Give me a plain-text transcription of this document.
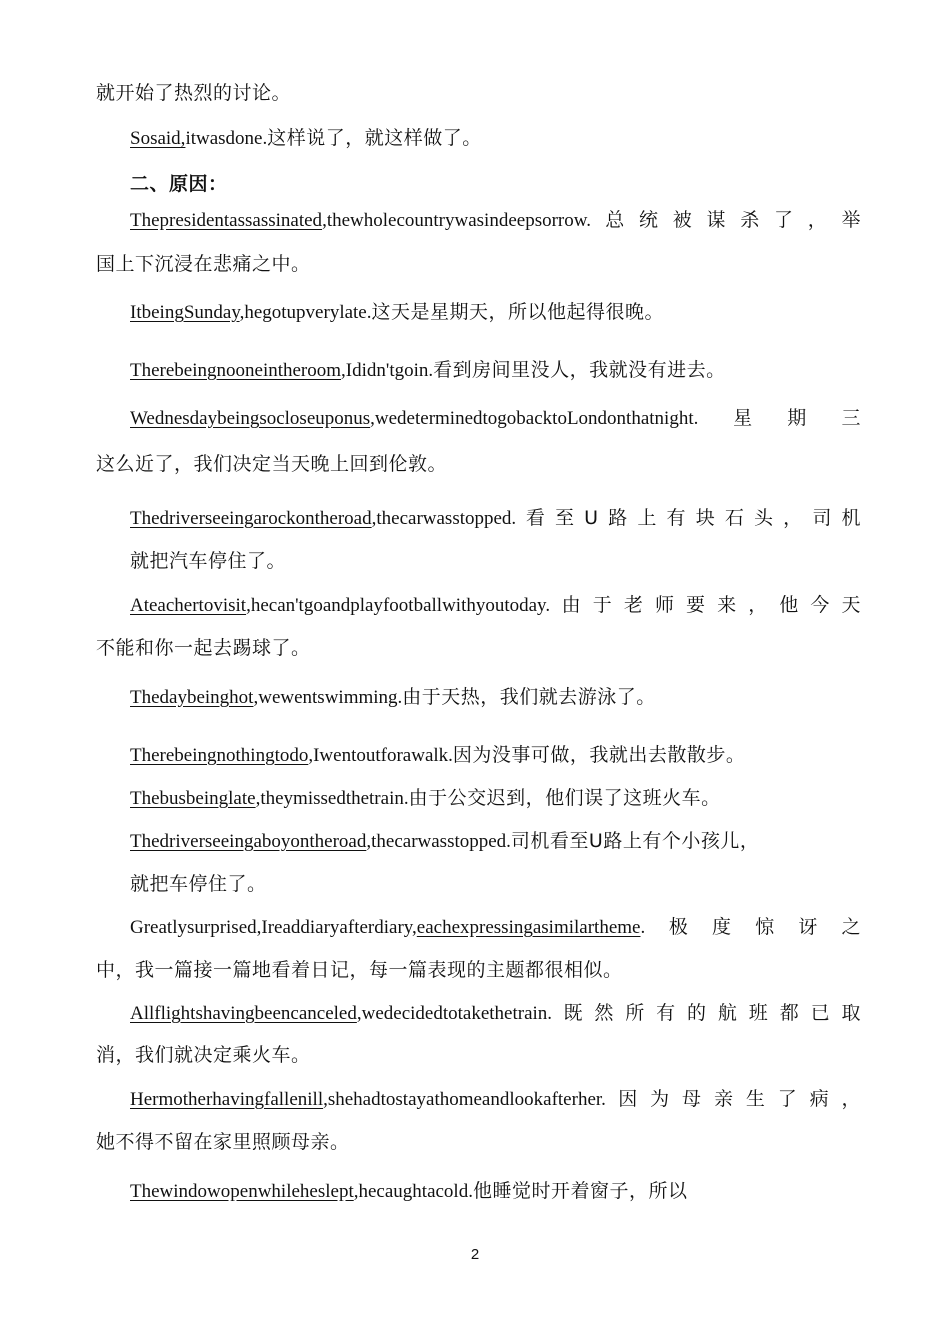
就开始了热烈的讨论。
Sosaid,itwasdone.这样说了，就这样做了。
二、原因：
Thepresidentassassinated,thewholecountrywasindeepsorrow.总统被谋杀了，举
国上下沉浸在悲痛之中。
ItbeingSunday,hegotupverylate.这天是星期天，所以他起得很晚。
Therebeingnooneintheroom,Ididn'tgoin.看到房间里没人，我就没有进去。
Wednesdaybeingsocloseuponus,wedeterminedtogobacktoLondonthatnight.星期三
这么近了，我们决定当天晚上回到伦敦。
Thedriverseeingarockontheroad,thecarwasstopped.看至U路上有块石头，司机
就把汽车停住了。
Ateachertovisit,hecan'tgoandplayfootballwithyoutoday.由于老师要来，他今天
不能和你一起去踢球了。
Thedaybeinghot,wewentswimming.由于天热，我们就去游泳了。
Therebeingnothingtodo,Iwentoutforawalk.因为没事可做，我就出去散散步。
Thebusbeinglate,theymissedthetrain.由于公交迟到，他们误了这班火车。
Thedriverseeingaboyontheroad,thecarwasstopped.司机看至U路上有个小孩儿，
就把车停住了。
Greatlysurprised,Ireaddiaryafterdiary,eachexpressingasimilartheme.极度惊讶之
中，我一篇接一篇地看着日记，每一篇表现的主题都很相似。
Allflightshavingbeencanceled,wedecidedtotakethetrain.既然所有的航班都已取
消，我们就决定乘火车。
Hermotherhavingfallenill,shehadtostayathomeandlookafterher.因为母亲生了病，
她不得不留在家里照顾母亲。
Thewindowopenwhileheslept,hecaughtacold.他睡觉时开着窗子，所以
2
